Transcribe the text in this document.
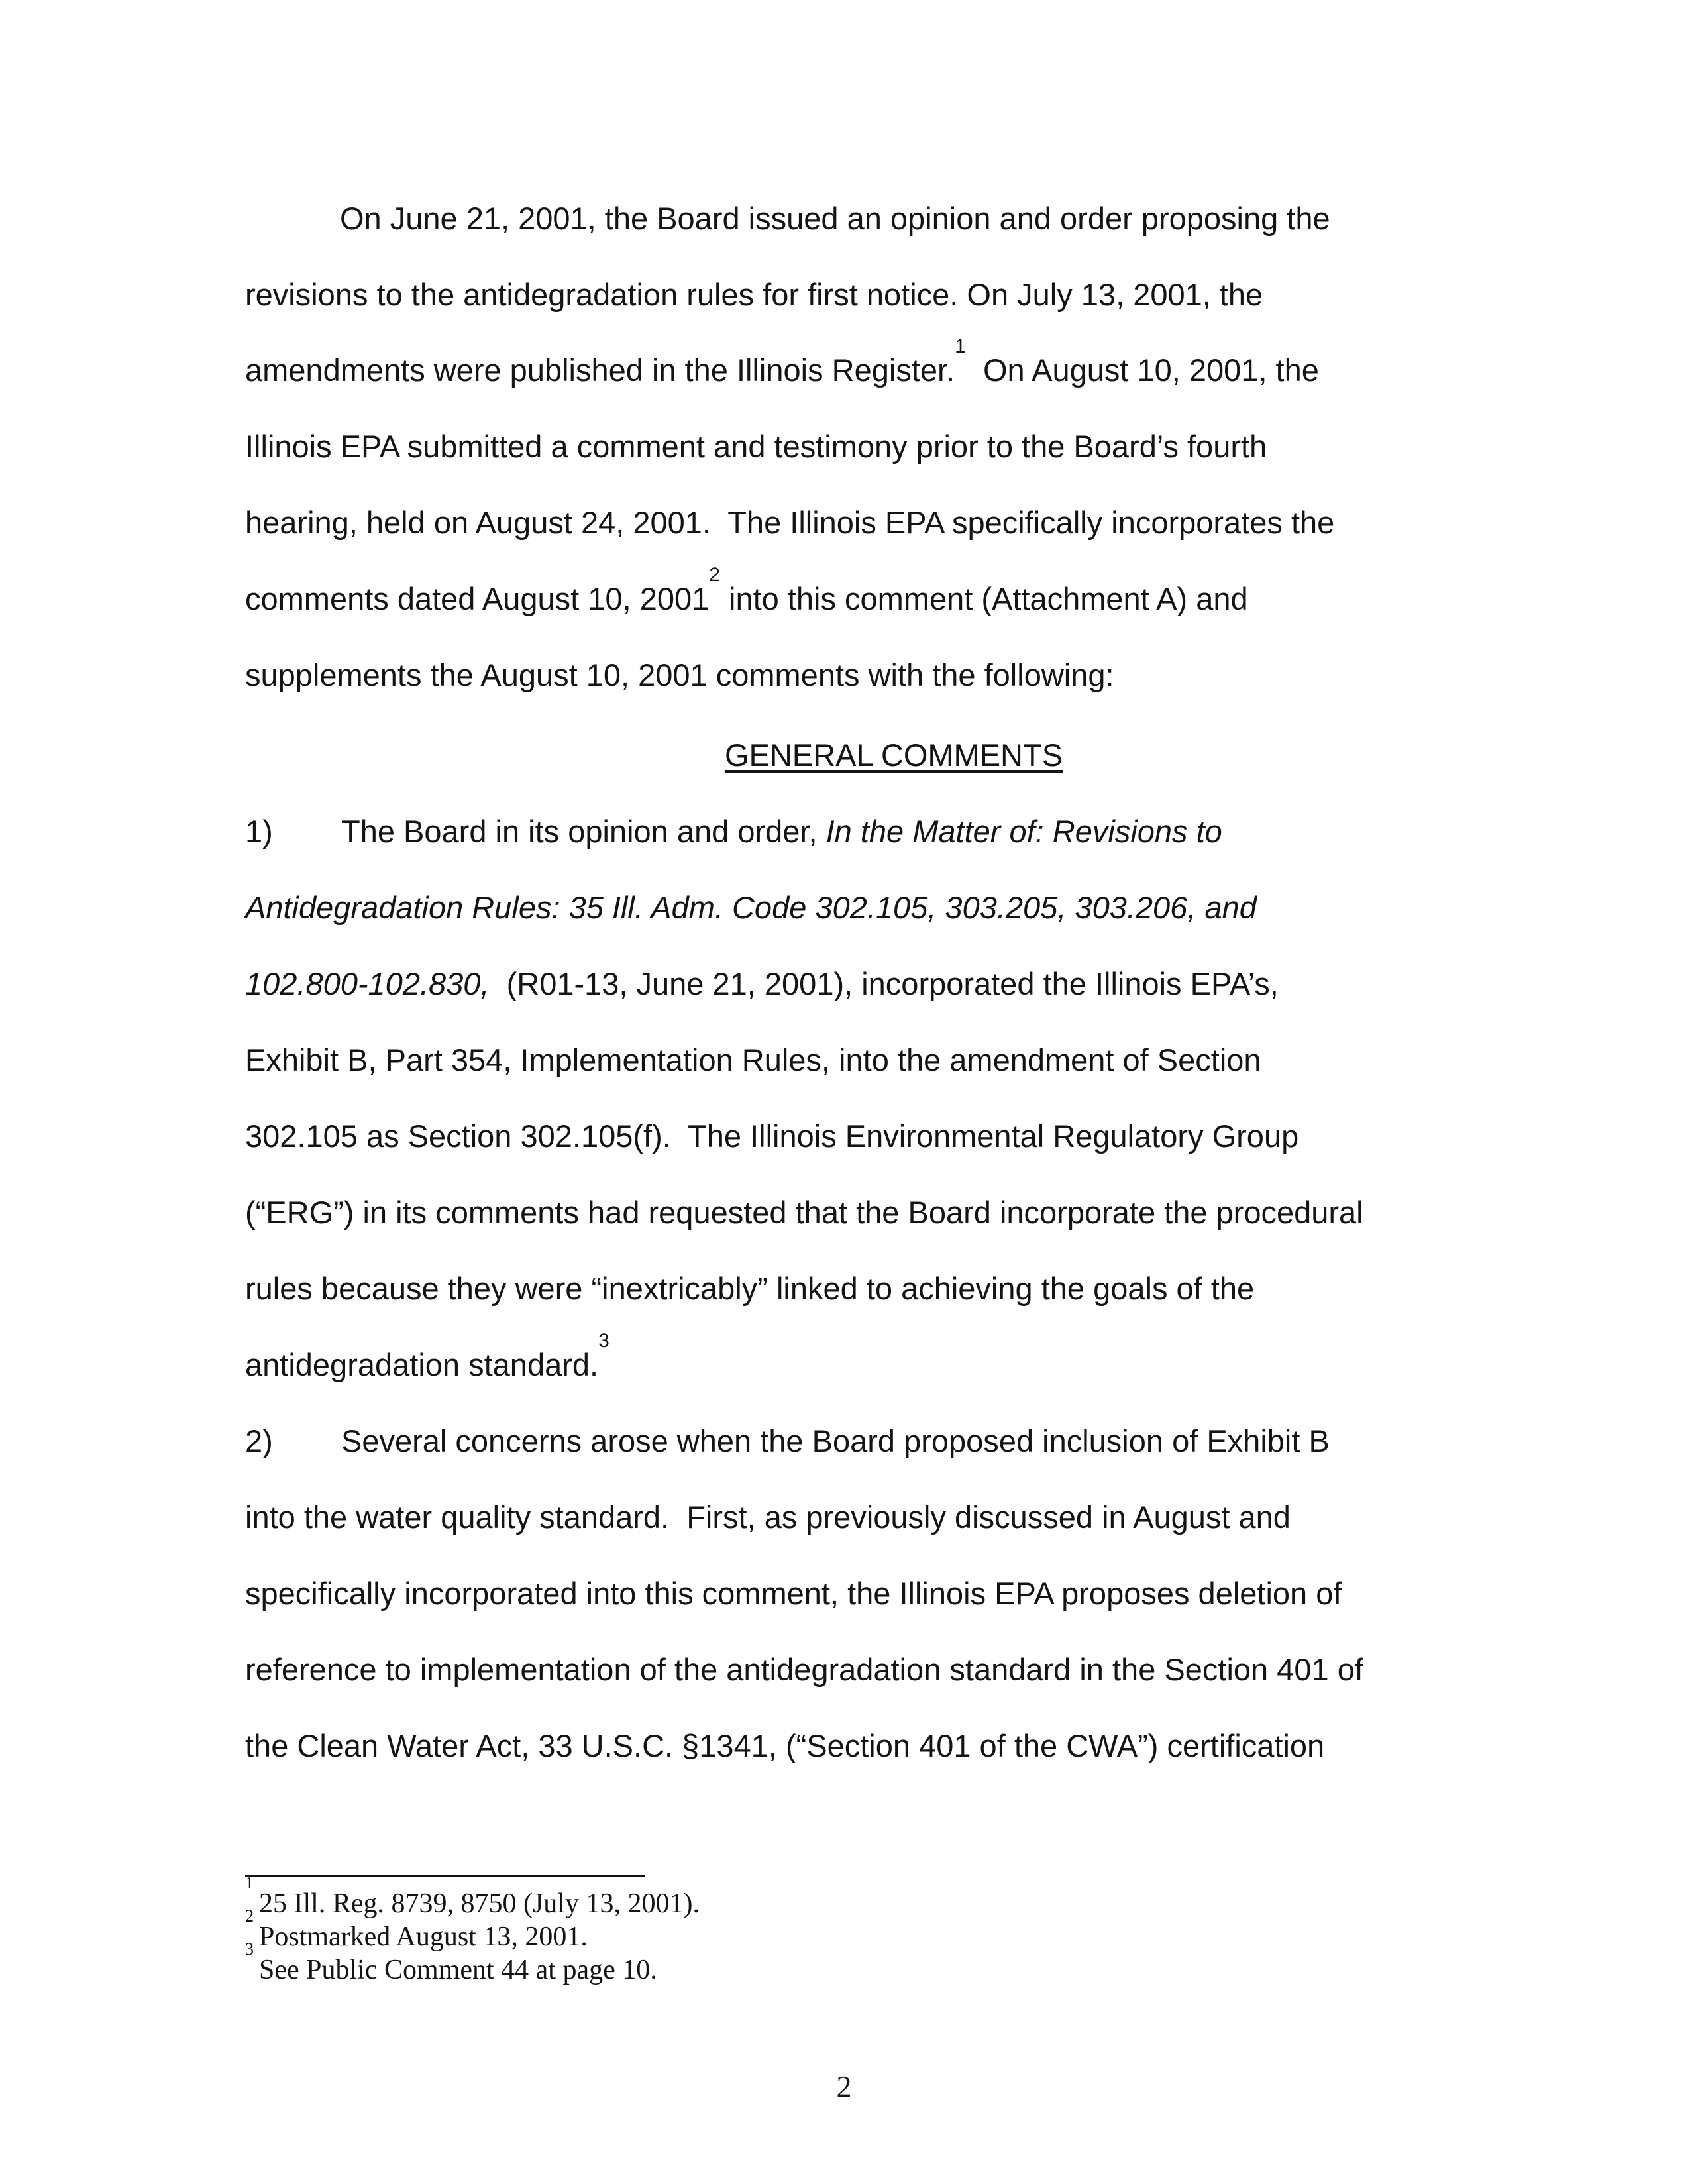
On June 21, 2001, the Board issued an opinion and order proposing the
revisions to the antidegradation rules for first notice. On July 13, 2001, the
amendments were published in the Illinois Register.$^1$  On August 10, 2001, the
Illinois EPA submitted a comment and testimony prior to the Board’s fourth
hearing, held on August 24, 2001.  The Illinois EPA specifically incorporates the
comments dated August 10, 2001$^2$ into this comment (Attachment A) and
supplements the August 10, 2001 comments with the following:
GENERAL COMMENTS
1) The Board in its opinion and order, In the Matter of: Revisions to
Antidegradation Rules: 35 Ill. Adm. Code 302.105, 303.205, 303.206, and
102.800-102.830,  (R01-13, June 21, 2001), incorporated the Illinois EPA’s,
Exhibit B, Part 354, Implementation Rules, into the amendment of Section
302.105 as Section 302.105(f).  The Illinois Environmental Regulatory Group
(“ERG”) in its comments had requested that the Board incorporate the procedural
rules because they were “inextricably” linked to achieving the goals of the
antidegradation standard.$^3$
2) Several concerns arose when the Board proposed inclusion of Exhibit B
into the water quality standard.  First, as previously discussed in August and
specifically incorporated into this comment, the Illinois EPA proposes deletion of
reference to implementation of the antidegradation standard in the Section 401 of
the Clean Water Act, 33 U.S.C. §1341, (“Section 401 of the CWA”) certification
$^1$25 Ill. Reg. 8739, 8750 (July 13, 2001).
$^2$Postmarked August 13, 2001.
$^3$See Public Comment 44 at page 10.
2
